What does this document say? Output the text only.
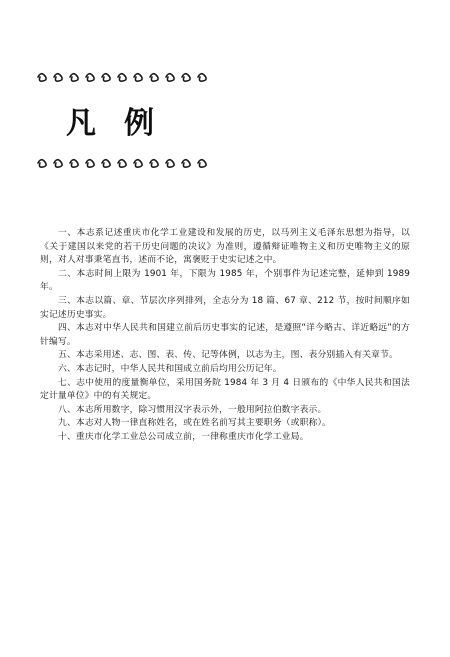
凡 例

一、本志系记述重庆市化学工业建设和发展的历史，以马列主义毛泽东思想为指导，以《关于建国以来党的若干历史问题的决议》为准则，遵循辩证唯物主义和历史唯物主义的原则，对人对事秉笔直书，述而不论，寓褒贬于史实记述之中。

二、本志时间上限为 1901 年，下限为 1985 年，个别事件为记述完整，延伸到 1989 年。

三、本志以篇、章、节层次序列排列，全志分为 18 篇、67 章、212 节，按时间顺序如实记述历史事实。

四、本志对中华人民共和国建立前后历史事实的记述，是遵照“详今略古、详近略远”的方针编写。

五、本志采用述、志、图、表、传、记等体例，以志为主，图、表分别插入有关章节。

六、本志记时，中华人民共和国成立前后均用公历记年。

七、志中使用的度量衡单位，采用国务院 1984 年 3 月 4 日颁布的《中华人民共和国法定计量单位》中的有关规定。

八、本志所用数字，除习惯用汉字表示外，一般用阿拉伯数字表示。

九、本志对人物一律直称姓名，或在姓名前写其主要职务（或职称）。

十、重庆市化学工业总公司成立前，一律称重庆市化学工业局。
